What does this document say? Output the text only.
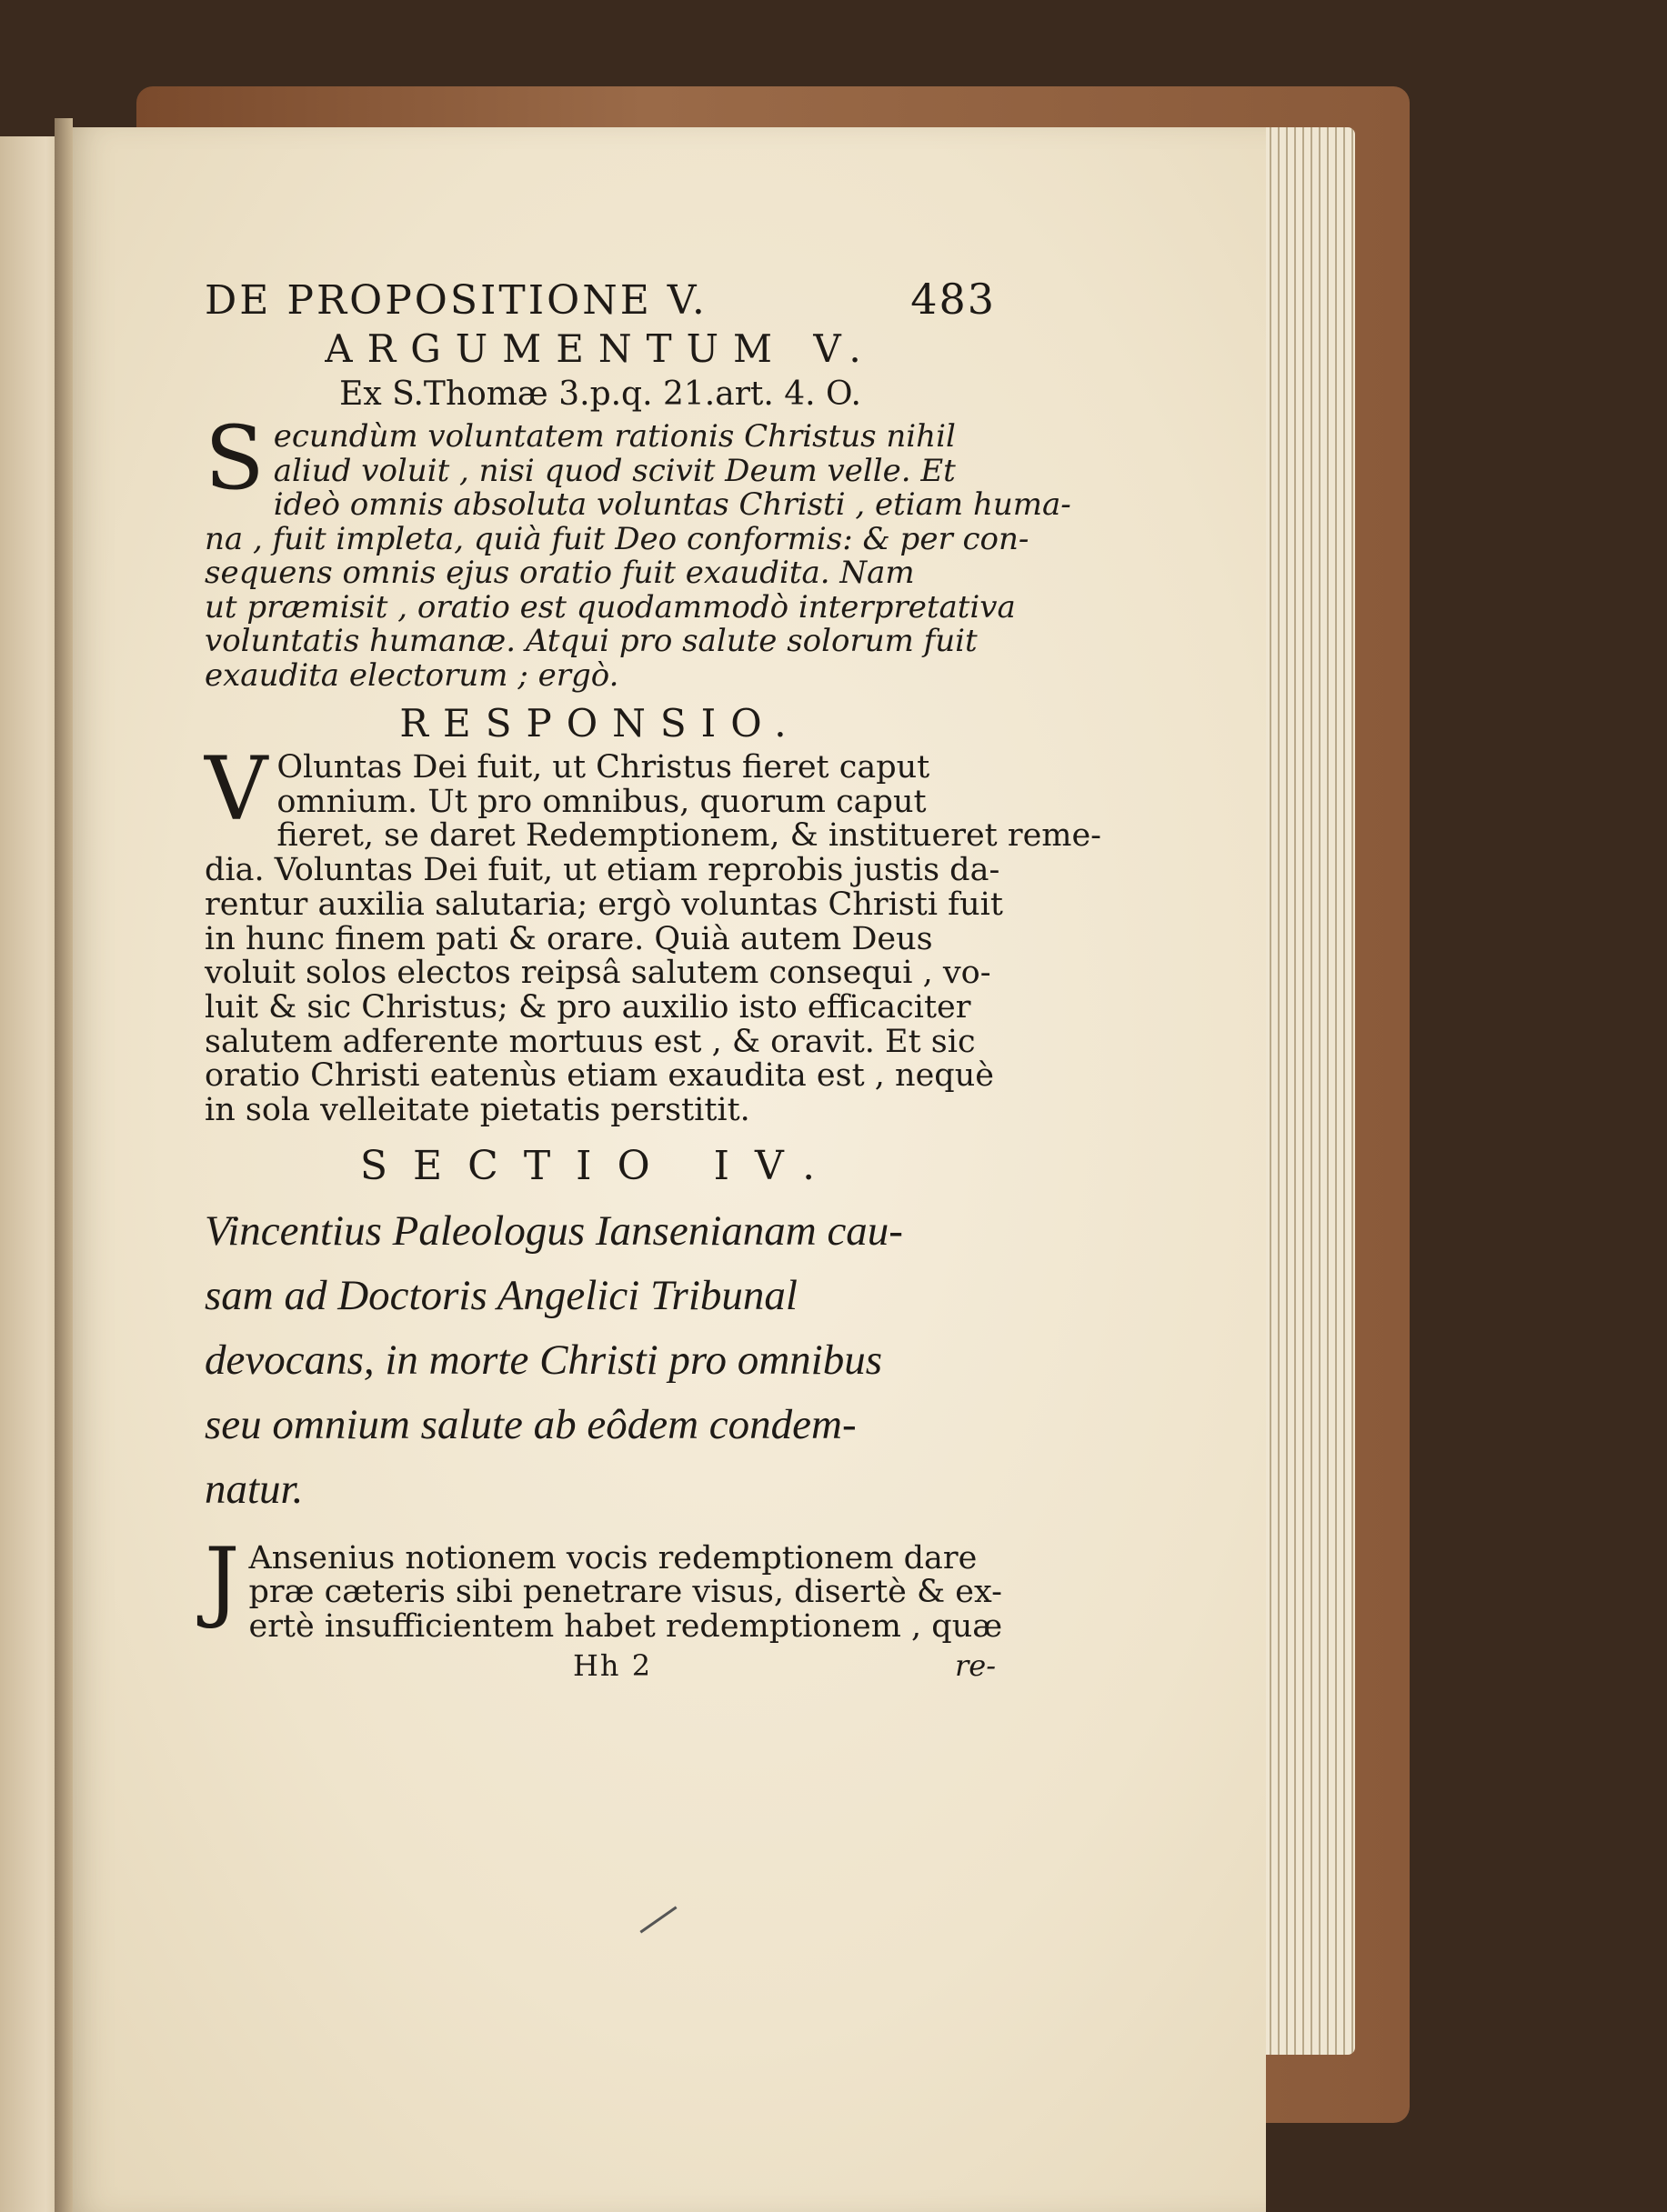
DE PROPOSITIONE V.	483
ARGUMENTUM V.
Ex S.Thomæ 3.p.q. 21.art. 4. O.
S ecundùm voluntatem rationis Christus nihil
aliud voluit , nisi quod scivit Deum velle. Et
ideò omnis absoluta voluntas Christi , etiam huma-
na , fuit impleta, quià fuit Deo conformis: & per con-
sequens omnis ejus oratio fuit exaudita. Nam
ut præmisit , oratio est quodammodò interpretativa
voluntatis humanæ. Atqui pro salute solorum fuit
exaudita electorum ; ergò.
RESPONSIO.
V Oluntas Dei fuit, ut Christus fieret caput
omnium. Ut pro omnibus, quorum caput
fieret, se daret Redemptionem, & institueret reme-
dia. Voluntas Dei fuit, ut etiam reprobis justis da-
rentur auxilia salutaria; ergò voluntas Christi fuit
in hunc finem pati & orare. Quià autem Deus
voluit solos electos reipsâ salutem consequi , vo-
luit & sic Christus; & pro auxilio isto efficaciter
salutem adferente mortuus est , & oravit. Et sic
oratio Christi eatenùs etiam exaudita est , nequè
in sola velleitate pietatis perstitit.
SECTIO IV.
Vincentius Paleologus Iansenianam cau-
sam ad Doctoris Angelici Tribunal
devocans, in morte Christi pro omnibus
seu omnium salute ab eôdem condem-
natur.
J Ansenius notionem vocis redemptionem dare
præ cæteris sibi penetrare visus, disertè & ex-
ertè insufficientem habet redemptionem , quæ
Hh 2	re-
